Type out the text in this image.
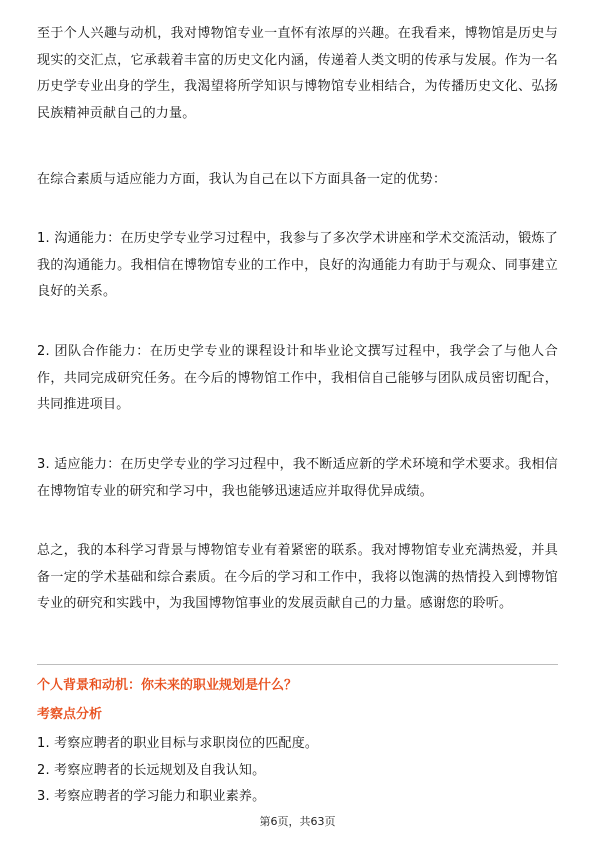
至于个人兴趣与动机，我对博物馆专业一直怀有浓厚的兴趣。在我看来，博物馆是历史与现实的交汇点，它承载着丰富的历史文化内涵，传递着人类文明的传承与发展。作为一名历史学专业出身的学生，我渴望将所学知识与博物馆专业相结合，为传播历史文化、弘扬民族精神贡献自己的力量。

在综合素质与适应能力方面，我认为自己在以下方面具备一定的优势：

1. 沟通能力：在历史学专业学习过程中，我参与了多次学术讲座和学术交流活动，锻炼了我的沟通能力。我相信在博物馆专业的工作中，良好的沟通能力有助于与观众、同事建立良好的关系。

2. 团队合作能力：在历史学专业的课程设计和毕业论文撰写过程中，我学会了与他人合作，共同完成研究任务。在今后的博物馆工作中，我相信自己能够与团队成员密切配合，共同推进项目。

3. 适应能力：在历史学专业的学习过程中，我不断适应新的学术环境和学术要求。我相信在博物馆专业的研究和学习中，我也能够迅速适应并取得优异成绩。

总之，我的本科学习背景与博物馆专业有着紧密的联系。我对博物馆专业充满热爱，并具备一定的学术基础和综合素质。在今后的学习和工作中，我将以饱满的热情投入到博物馆专业的研究和实践中，为我国博物馆事业的发展贡献自己的力量。感谢您的聆听。

个人背景和动机：你未来的职业规划是什么？

考察点分析

1. 考察应聘者的职业目标与求职岗位的匹配度。
2. 考察应聘者的长远规划及自我认知。
3. 考察应聘者的学习能力和职业素养。
第6页，共63页
